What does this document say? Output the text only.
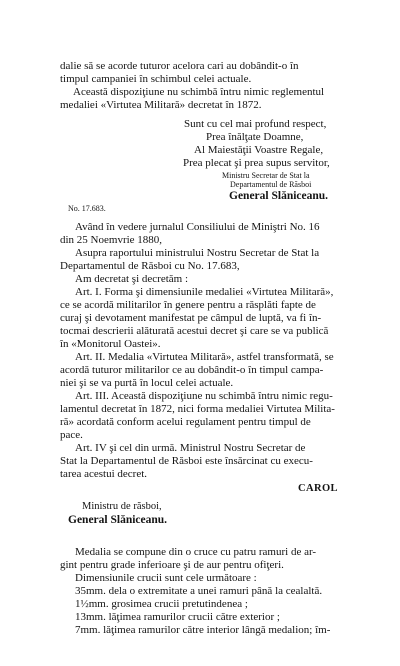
dalie să se acorde tuturor acelora cari au dobândit-o în
timpul campaniei în schimbul celei actuale.
Această dispoziţiune nu schimbă întru nimic reglementul
medaliei «Virtutea Militară» decretat în 1872.
Sunt cu cel mai profund respect,
Prea înălţate Doamne,
Al Maiestăţii Voastre Regale,
Prea plecat şi prea supus servitor,
Ministru Secretar de Stat la
Departamentul de Răsboi
General Slăniceanu.
No. 17.683.
Având în vedere jurnalul Consiliului de Miniştri No. 16
din 25 Noemvrie 1880,
Asupra raportului ministrului Nostru Secretar de Stat la
Departamentul de Răsboi cu No. 17.683,
Am decretat şi decretăm :
Art. I. Forma şi dimensiunile medaliei «Virtutea Militară»,
ce se acordă militarilor în genere pentru a răsplăti fapte de
curaj şi devotament manifestat pe câmpul de luptă, va fi în-
tocmai descrierii alăturată acestui decret şi care se va publică
în «Monitorul Oastei».
Art. II. Medalia «Virtutea Militară», astfel transformată, se
acordă tuturor militarilor ce au dobândit-o în timpul campa-
niei şi se va purtă în locul celei actuale.
Art. III. Această dispoziţiune nu schimbă întru nimic regu-
lamentul decretat în 1872, nici forma medaliei Virtutea Milita-
ră» acordată conform acelui regulament pentru timpul de
pace.
Art. IV şi cel din urmă. Ministrul Nostru Secretar de
Stat la Departamentul de Răsboi este însărcinat cu execu-
tarea acestui decret.
CAROL
Ministru de răsboi,
General Slăniceanu.
Medalia se compune din o cruce cu patru ramuri de ar-
gint pentru grade inferioare şi de aur pentru ofiţeri.
Dimensiunile crucii sunt cele următoare :
35mm. dela o extremitate a unei ramuri până la cealaltă.
1½mm. grosimea crucii pretutindenea ;
13mm. lăţimea ramurilor crucii către exterior ;
7mm. lăţimea ramurilor către interior lângă medalion; îm-
